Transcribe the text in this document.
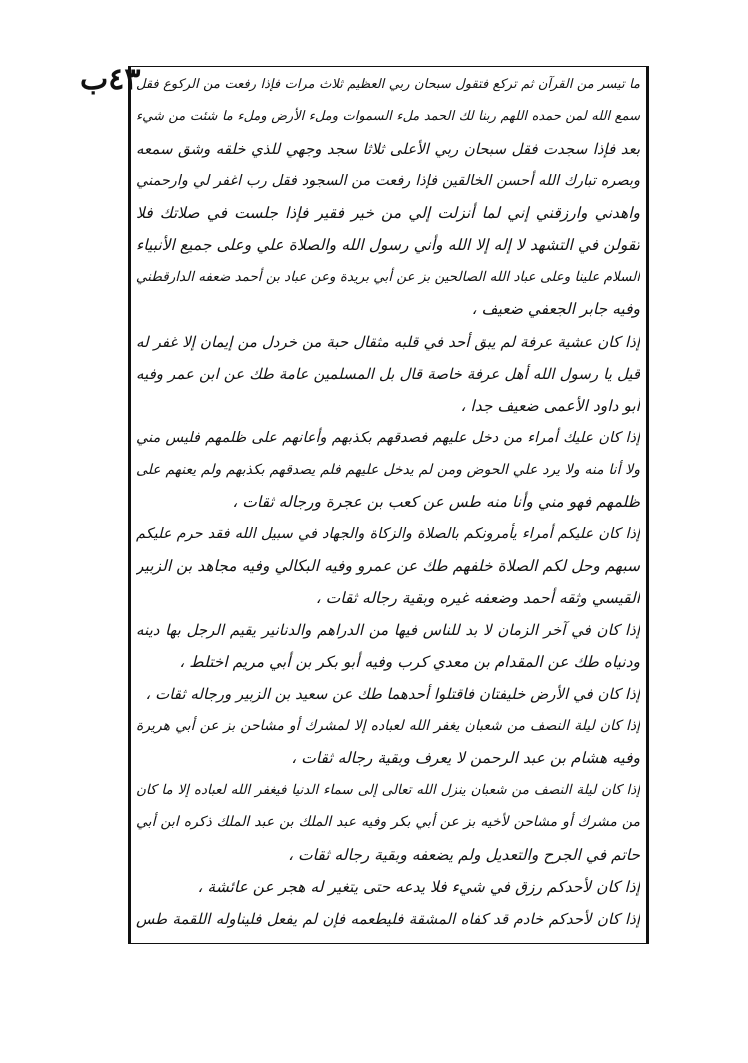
٤٣ب
ما تيسر من القرآن ثم تركع فتقول سبحان ربي العظيم ثلاث مرات فإذا رفعت من الركوع فقل
سمع الله لمن حمده اللهم ربنا لك الحمد ملء السموات وملء الأرض وملء ما شئت من شيء
بعد فإذا سجدت فقل سبحان ربي الأعلى ثلاثا سجد وجهي للذي خلقه وشق سمعه
وبصره تبارك الله أحسن الخالقين فإذا رفعت من السجود فقل رب اغفر لي وارحمني
واهدني وارزقني إني لما أنزلت إلي من خير فقير فإذا جلست في صلاتك فلا
تقولن في التشهد لا إله إلا الله وأني رسول الله والصلاة علي وعلى جميع الأنبياء
السلام علينا وعلى عباد الله الصالحين بز عن أبي بريدة وعن عباد بن أحمد ضعفه الدارقطني
وفيه جابر الجعفي ضعيف ،
إذا كان عشية عرفة لم يبق أحد في قلبه مثقال حبة من خردل من إيمان إلا غفر له
قيل يا رسول الله أهل عرفة خاصة قال بل المسلمين عامة طك عن ابن عمر وفيه
أبو داود الأعمى ضعيف جدا ،
إذا كان عليك أمراء من دخل عليهم فصدقهم بكذبهم وأعانهم على ظلمهم فليس مني
ولا أنا منه ولا يرد علي الحوض ومن لم يدخل عليهم فلم يصدقهم بكذبهم ولم يعنهم على
ظلمهم فهو مني وأنا منه طس عن كعب بن عجرة ورجاله ثقات ،
إذا كان عليكم أمراء يأمرونكم بالصلاة والزكاة والجهاد في سبيل الله فقد حرم عليكم
سبهم وحل لكم الصلاة خلفهم طك عن عمرو وفيه البكالي وفيه مجاهد بن الزبير
القيسي وثقه أحمد وضعفه غيره وبقية رجاله ثقات ،
إذا كان في آخر الزمان لا بد للناس فيها من الدراهم والدنانير يقيم الرجل بها دينه
ودنياه طك عن المقدام بن معدي كرب وفيه أبو بكر بن أبي مريم اختلط ،
إذا كان في الأرض خليفتان فاقتلوا أحدهما طك عن سعيد بن الزبير ورجاله ثقات ،
إذا كان ليلة النصف من شعبان يغفر الله لعباده إلا لمشرك أو مشاحن بز عن أبي هريرة
وفيه هشام بن عبد الرحمن لا يعرف وبقية رجاله ثقات ،
إذا كان ليلة النصف من شعبان ينزل الله تعالى إلى سماء الدنيا فيغفر الله لعباده إلا ما كان
من مشرك أو مشاحن لأخيه بز عن أبي بكر وفيه عبد الملك بن عبد الملك ذكره ابن أبي
حاتم في الجرح والتعديل ولم يضعفه وبقية رجاله ثقات ،
إذا كان لأحدكم رزق في شيء فلا يدعه حتى يتغير له هجر عن عائشة ،
إذا كان لأحدكم خادم قد كفاه المشقة فليطعمه فإن لم يفعل فليناوله اللقمة طس
